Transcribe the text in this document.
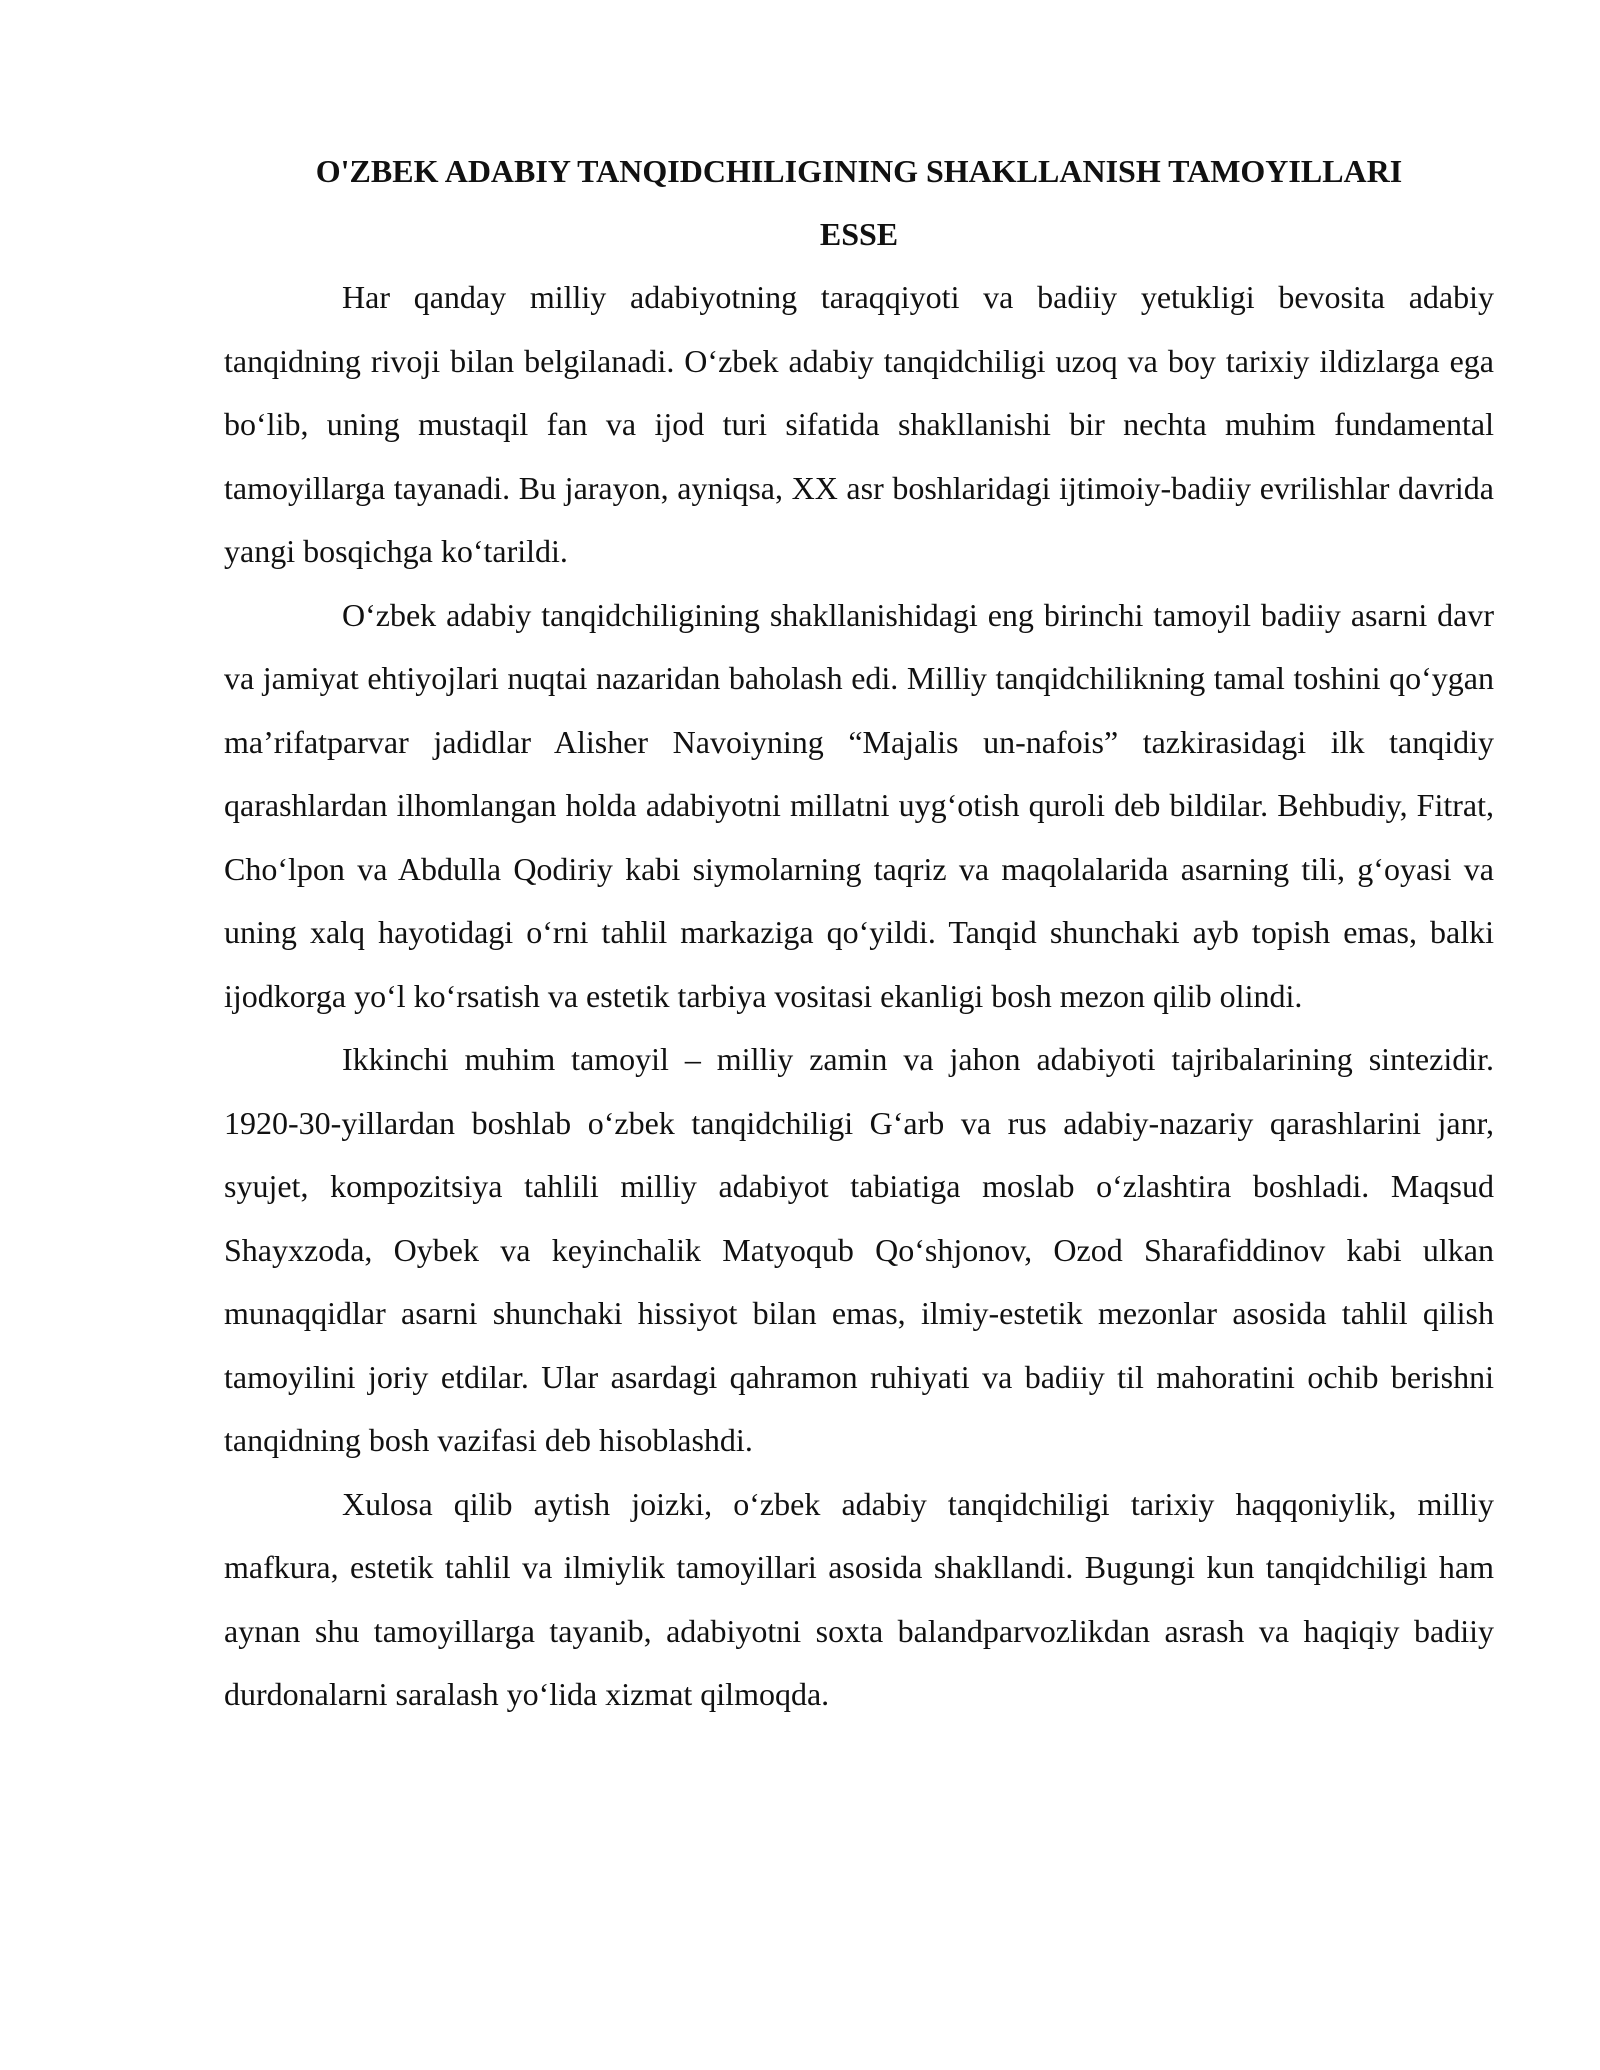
O'ZBEK ADABIY TANQIDCHILIGINING SHAKLLANISH TAMOYILLARI

ESSE

Har qanday milliy adabiyotning taraqqiyoti va badiiy yetukligi bevosita adabiy tanqidning rivoji bilan belgilanadi. O‘zbek adabiy tanqidchiligi uzoq va boy tarixiy ildizlarga ega bo‘lib, uning mustaqil fan va ijod turi sifatida shakllanishi bir nechta muhim fundamental tamoyillarga tayanadi. Bu jarayon, ayniqsa, XX asr boshlaridagi ijtimoiy-badiiy evrilishlar davrida yangi bosqichga ko‘tarildi.

O‘zbek adabiy tanqidchiligining shakllanishidagi eng birinchi tamoyil badiiy asarni davr va jamiyat ehtiyojlari nuqtai nazaridan baholash edi. Milliy tanqidchilikning tamal toshini qo‘ygan ma’rifatparvar jadidlar Alisher Navoiyning “Majalis un-nafois” tazkirasidagi ilk tanqidiy qarashlardan ilhomlangan holda adabiyotni millatni uyg‘otish quroli deb bildilar. Behbudiy, Fitrat, Cho‘lpon va Abdulla Qodiriy kabi siymolarning taqriz va maqolalarida asarning tili, g‘oyasi va uning xalq hayotidagi o‘rni tahlil markaziga qo‘yildi. Tanqid shunchaki ayb topish emas, balki ijodkorga yo‘l ko‘rsatish va estetik tarbiya vositasi ekanligi bosh mezon qilib olindi.

Ikkinchi muhim tamoyil – milliy zamin va jahon adabiyoti tajribalarining sintezidir. 1920-30-yillardan boshlab o‘zbek tanqidchiligi G‘arb va rus adabiy-nazariy qarashlarini janr, syujet, kompozitsiya tahlili milliy adabiyot tabiatiga moslab o‘zlashtira boshladi. Maqsud Shayxzoda, Oybek va keyinchalik Matyoqub Qo‘shjonov, Ozod Sharafiddinov kabi ulkan munaqqidlar asarni shunchaki hissiyot bilan emas, ilmiy-estetik mezonlar asosida tahlil qilish tamoyilini joriy etdilar. Ular asardagi qahramon ruhiyati va badiiy til mahoratini ochib berishni tanqidning bosh vazifasi deb hisoblashdi.

Xulosa qilib aytish joizki, o‘zbek adabiy tanqidchiligi tarixiy haqqoniylik, milliy mafkura, estetik tahlil va ilmiylik tamoyillari asosida shakllandi. Bugungi kun tanqidchiligi ham aynan shu tamoyillarga tayanib, adabiyotni soxta balandparvozlikdan asrash va haqiqiy badiiy durdonalarni saralash yo‘lida xizmat qilmoqda.
